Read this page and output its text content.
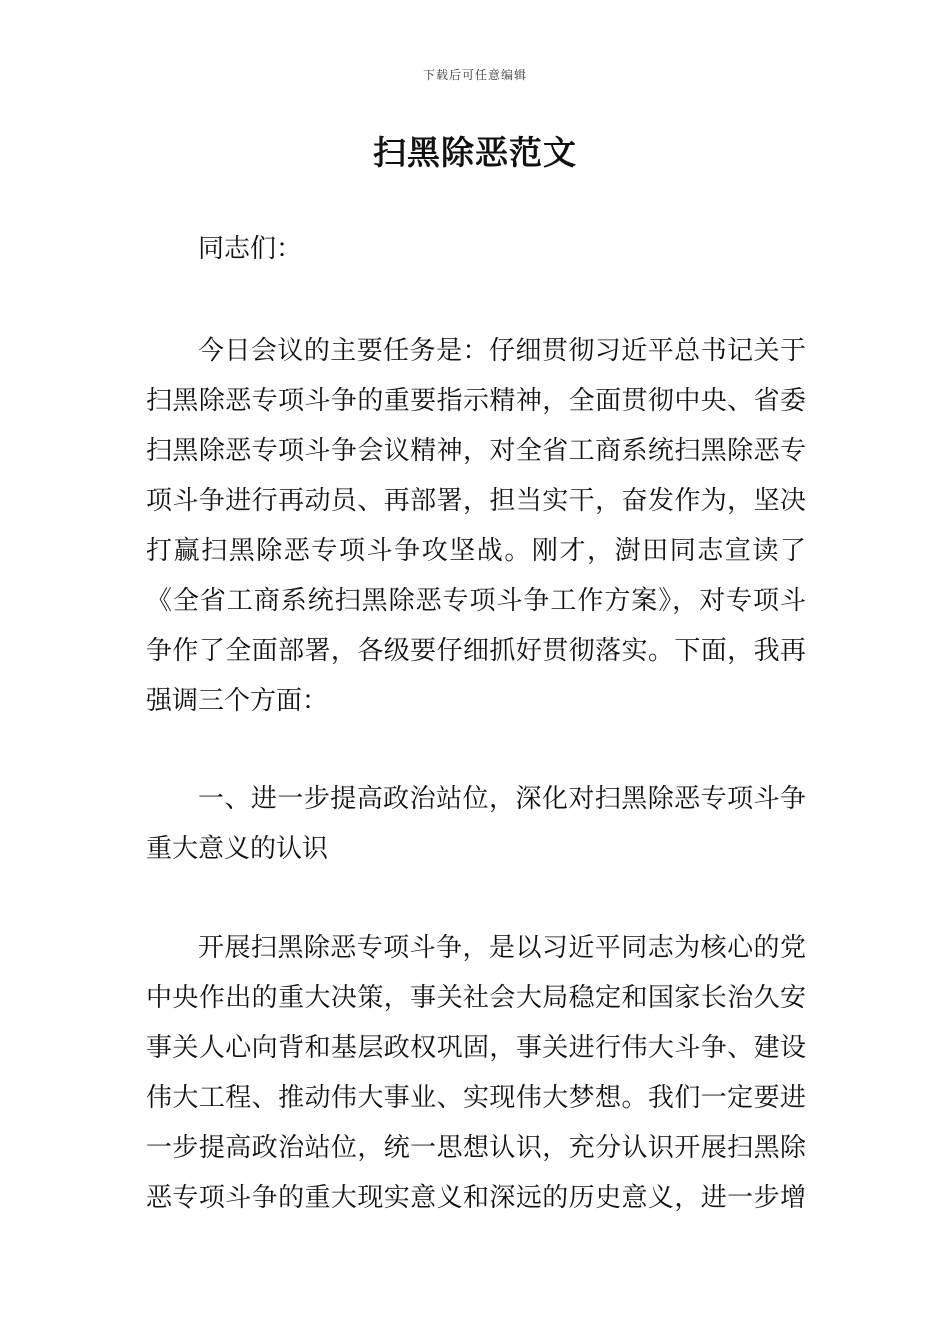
下载后可任意编辑
扫黑除恶范文
同志们：
今日会议的主要任务是：仔细贯彻习近平总书记关于
扫黑除恶专项斗争的重要指示精神，全面贯彻中央、省委
扫黑除恶专项斗争会议精神，对全省工商系统扫黑除恶专
项斗争进行再动员、再部署，担当实干，奋发作为，坚决
打赢扫黑除恶专项斗争攻坚战。刚才，澍田同志宣读了
《全省工商系统扫黑除恶专项斗争工作方案》，对专项斗
争作了全面部署，各级要仔细抓好贯彻落实。下面，我再
强调三个方面：
一、进一步提高政治站位，深化对扫黑除恶专项斗争
重大意义的认识
开展扫黑除恶专项斗争，是以习近平同志为核心的党
中央作出的重大决策，事关社会大局稳定和国家长治久安
事关人心向背和基层政权巩固，事关进行伟大斗争、建设
伟大工程、推动伟大事业、实现伟大梦想。我们一定要进
一步提高政治站位，统一思想认识，充分认识开展扫黑除
恶专项斗争的重大现实意义和深远的历史意义，进一步增
